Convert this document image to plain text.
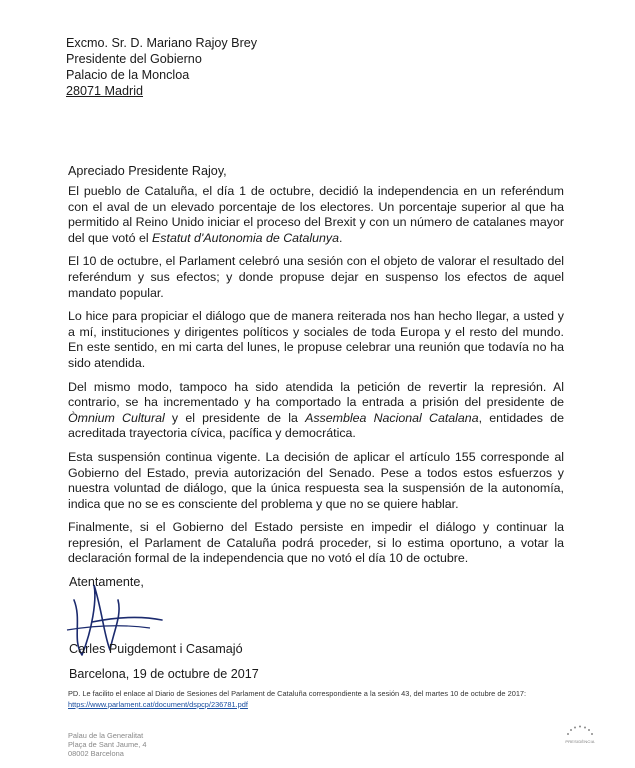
Excmo. Sr. D. Mariano Rajoy Brey
Presidente del Gobierno
Palacio de la Moncloa
28071 Madrid
Apreciado Presidente Rajoy,

El pueblo de Cataluña, el día 1 de octubre, decidió la independencia en un referéndum con el aval de un elevado porcentaje de los electores. Un porcentaje superior al que ha permitido al Reino Unido iniciar el proceso del Brexit y con un número de catalanes mayor del que votó el Estatut d'Autonomia de Catalunya.

El 10 de octubre, el Parlament celebró una sesión con el objeto de valorar el resultado del referéndum y sus efectos; y donde propuse dejar en suspenso los efectos de aquel mandato popular.

Lo hice para propiciar el diálogo que de manera reiterada nos han hecho llegar, a usted y a mí, instituciones y dirigentes políticos y sociales de toda Europa y el resto del mundo. En este sentido, en mi carta del lunes, le propuse celebrar una reunión que todavía no ha sido atendida.

Del mismo modo, tampoco ha sido atendida la petición de revertir la represión. Al contrario, se ha incrementado y ha comportado la entrada a prisión del presidente de Òmnium Cultural y el presidente de la Assemblea Nacional Catalana, entidades de acreditada trayectoria cívica, pacífica y democrática.

Esta suspensión continua vigente. La decisión de aplicar el artículo 155 corresponde al Gobierno del Estado, previa autorización del Senado. Pese a todos estos esfuerzos y nuestra voluntad de diálogo, que la única respuesta sea la suspensión de la autonomía, indica que no se es consciente del problema y que no se quiere hablar.

Finalmente, si el Gobierno del Estado persiste en impedir el diálogo y continuar la represión, el Parlament de Cataluña podrá proceder, si lo estima oportuno, a votar la declaración formal de la independencia que no votó el día 10 de octubre.

Atentamente,
Carles Puigdemont i Casamajó
Barcelona, 19 de octubre de 2017
PD. Le facilito el enlace al Diario de Sesiones del Parlament de Cataluña correspondiente a la sesión 43, del martes 10 de octubre de 2017: https://www.parlament.cat/document/dspcp/236781.pdf
Palau de la Generalitat
Plaça de Sant Jaume, 4
08002 Barcelona
PRESIDÈNCIA
